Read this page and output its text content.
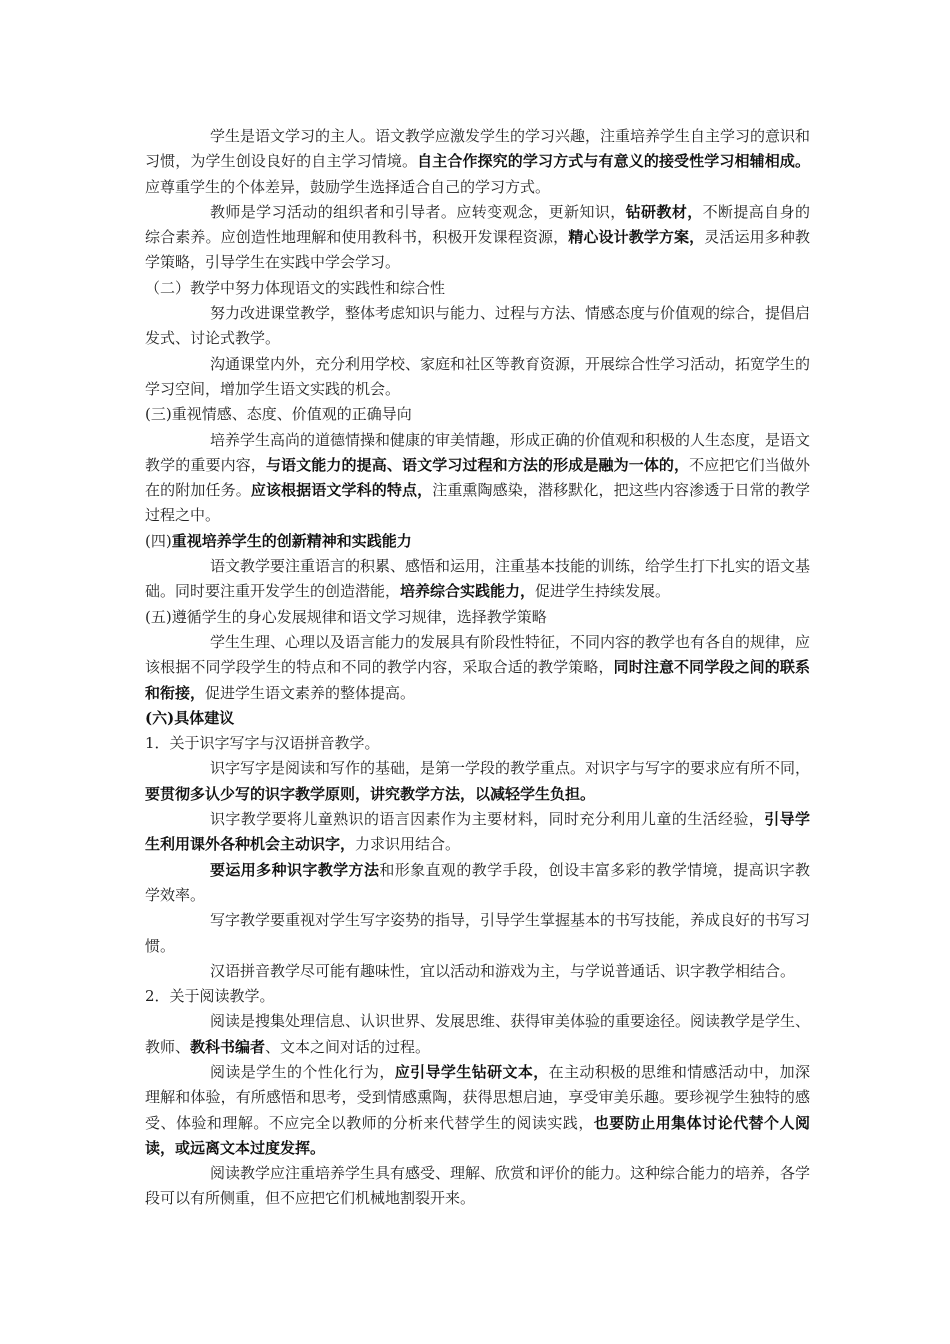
学生是语文学习的主人。语文教学应激发学生的学习兴趣，注重培养学生自主学习的意识和习惯，为学生创设良好的自主学习情境。自主合作探究的学习方式与有意义的接受性学习相辅相成。应尊重学生的个体差异，鼓励学生选择适合自己的学习方式。

教师是学习活动的组织者和引导者。应转变观念，更新知识，钻研教材，不断提高自身的综合素养。应创造性地理解和使用教科书，积极开发课程资源，精心设计教学方案，灵活运用多种教学策略，引导学生在实践中学会学习。

（二）教学中努力体现语文的实践性和综合性

努力改进课堂教学，整体考虑知识与能力、过程与方法、情感态度与价值观的综合，提倡启发式、讨论式教学。

沟通课堂内外，充分利用学校、家庭和社区等教育资源，开展综合性学习活动，拓宽学生的学习空间，增加学生语文实践的机会。

(三)重视情感、态度、价值观的正确导向

培养学生高尚的道德情操和健康的审美情趣，形成正确的价值观和积极的人生态度，是语文教学的重要内容，与语文能力的提高、语文学习过程和方法的形成是融为一体的，不应把它们当做外在的附加任务。应该根据语文学科的特点，注重熏陶感染，潜移默化，把这些内容渗透于日常的教学过程之中。

(四)重视培养学生的创新精神和实践能力

语文教学要注重语言的积累、感悟和运用，注重基本技能的训练，给学生打下扎实的语文基础。同时要注重开发学生的创造潜能，培养综合实践能力，促进学生持续发展。

(五)遵循学生的身心发展规律和语文学习规律，选择教学策略

学生生理、心理以及语言能力的发展具有阶段性特征，不同内容的教学也有各自的规律，应该根据不同学段学生的特点和不同的教学内容，采取合适的教学策略，同时注意不同学段之间的联系和衔接，促进学生语文素养的整体提高。

(六)具体建议

1．关于识字写字与汉语拼音教学。

识字写字是阅读和写作的基础，是第一学段的教学重点。对识字与写字的要求应有所不同，要贯彻多认少写的识字教学原则，讲究教学方法，以减轻学生负担。

识字教学要将儿童熟识的语言因素作为主要材料，同时充分利用儿童的生活经验，引导学生利用课外各种机会主动识字，力求识用结合。

要运用多种识字教学方法和形象直观的教学手段，创设丰富多彩的教学情境，提高识字教学效率。

写字教学要重视对学生写字姿势的指导，引导学生掌握基本的书写技能，养成良好的书写习惯。

汉语拼音教学尽可能有趣味性，宜以活动和游戏为主，与学说普通话、识字教学相结合。

2．关于阅读教学。

阅读是搜集处理信息、认识世界、发展思维、获得审美体验的重要途径。阅读教学是学生、教师、教科书编者、文本之间对话的过程。

阅读是学生的个性化行为，应引导学生钻研文本，在主动积极的思维和情感活动中，加深理解和体验，有所感悟和思考，受到情感熏陶，获得思想启迪，享受审美乐趣。要珍视学生独特的感受、体验和理解。不应完全以教师的分析来代替学生的阅读实践，也要防止用集体讨论代替个人阅读，或远离文本过度发挥。

阅读教学应注重培养学生具有感受、理解、欣赏和评价的能力。这种综合能力的培养，各学段可以有所侧重，但不应把它们机械地割裂开来。
